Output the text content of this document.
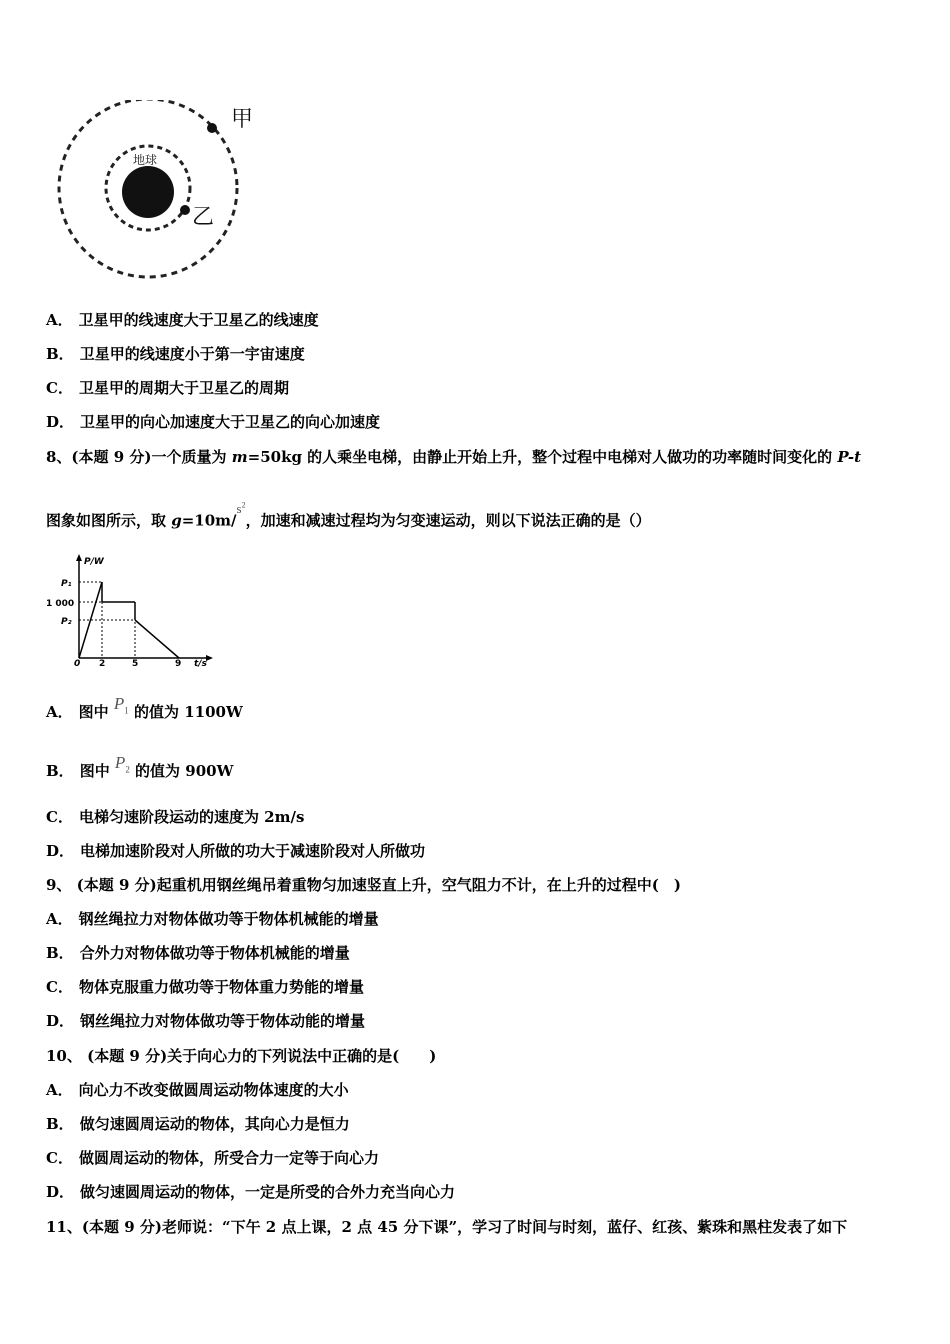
地球
甲
乙
A． 卫星甲的线速度大于卫星乙的线速度
B． 卫星甲的线速度小于第一宇宙速度
C． 卫星甲的周期大于卫星乙的周期
D． 卫星甲的向心加速度大于卫星乙的向心加速度
8、(本题 9 分)一个质量为 m=50kg 的人乘坐电梯，由静止开始上升，整个过程中电梯对人做功的功率随时间变化的 P-t
图象如图所示，取 $g=10m/s^2$，加速和减速过程均为匀变速运动，则以下说法正确的是（）
P/W
t/s
P₁
1 000
P₂
0 2	5	9
A． 图中 $P_1$ 的值为 1100W
B． 图中 $P_2$ 的值为 900W
C． 电梯匀速阶段运动的速度为 2m/s
D． 电梯加速阶段对人所做的功大于减速阶段对人所做功
9、 (本题 9 分)起重机用钢丝绳吊着重物匀加速竖直上升，空气阻力不计，在上升的过程中(　)
A． 钢丝绳拉力对物体做功等于物体机械能的增量
B． 合外力对物体做功等于物体机械能的增量
C． 物体克服重力做功等于物体重力势能的增量
D． 钢丝绳拉力对物体做功等于物体动能的增量
10、 (本题 9 分)关于向心力的下列说法中正确的是(　　)
A． 向心力不改变做圆周运动物体速度的大小
B． 做匀速圆周运动的物体，其向心力是恒力
C． 做圆周运动的物体，所受合力一定等于向心力
D． 做匀速圆周运动的物体，一定是所受的合外力充当向心力
11、(本题 9 分)老师说：“下午 2 点上课，2 点 45 分下课”，学习了时间与时刻，蓝仔、红孩、紫珠和黑柱发表了如下
